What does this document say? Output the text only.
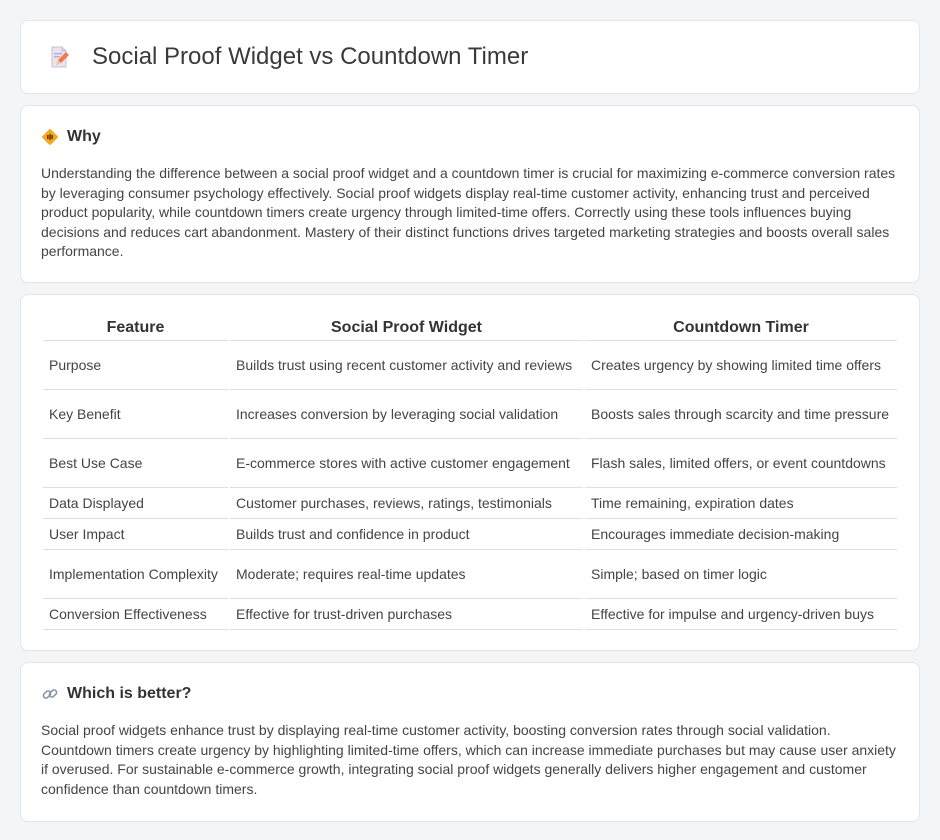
Social Proof Widget vs Countdown Timer
Why

Understanding the difference between a social proof widget and a countdown timer is crucial for maximizing e-commerce conversion rates by leveraging consumer psychology effectively. Social proof widgets display real-time customer activity, enhancing trust and perceived product popularity, while countdown timers create urgency through limited-time offers. Correctly using these tools influences buying decisions and reduces cart abandonment. Mastery of their distinct functions drives targeted marketing strategies and boosts overall sales performance.

Feature	Social Proof Widget	Countdown Timer
Purpose	Builds trust using recent customer activity and reviews	Creates urgency by showing limited time offers
Key Benefit	Increases conversion by leveraging social validation	Boosts sales through scarcity and time pressure
Best Use Case	E-commerce stores with active customer engagement	Flash sales, limited offers, or event countdowns
Data Displayed	Customer purchases, reviews, ratings, testimonials	Time remaining, expiration dates
User Impact	Builds trust and confidence in product	Encourages immediate decision-making
Implementation Complexity	Moderate; requires real-time updates	Simple; based on timer logic
Conversion Effectiveness	Effective for trust-driven purchases	Effective for impulse and urgency-driven buys
Which is better?

Social proof widgets enhance trust by displaying real-time customer activity, boosting conversion rates through social validation. Countdown timers create urgency by highlighting limited-time offers, which can increase immediate purchases but may cause user anxiety if overused. For sustainable e-commerce growth, integrating social proof widgets generally delivers higher engagement and customer confidence than countdown timers.
